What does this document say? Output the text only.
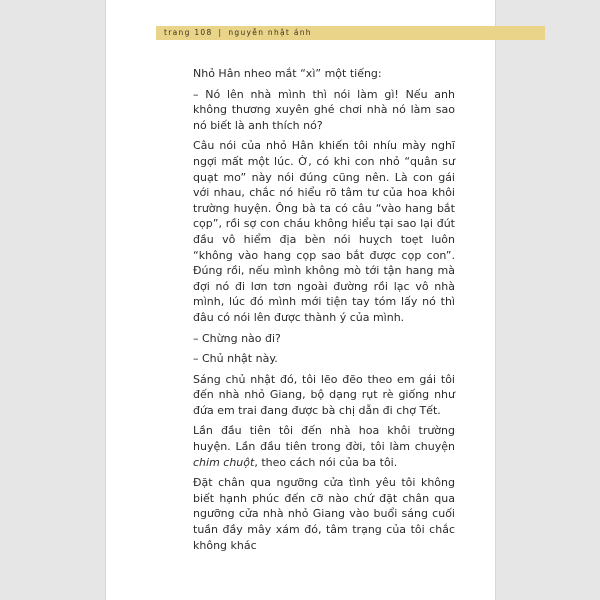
trang 108 | nguyễn nhật ánh

Nhỏ Hân nheo mắt “xì” một tiếng:

– Nó lên nhà mình thì nói làm gì! Nếu anh không thương xuyên ghé chơi nhà nó làm sao nó biết là anh thích nó?

Câu nói của nhỏ Hân khiến tôi nhíu mày nghĩ ngợi mất một lúc. Ờ, có khi con nhỏ “quân sư quạt mo” này nói đúng cũng nên. Là con gái với nhau, chắc nó hiểu rõ tâm tư của hoa khôi trường huyện. Ông bà ta có câu “vào hang bắt cọp”, rồi sợ con cháu không hiểu tại sao lại đút đầu vô hiểm địa bèn nói huỵch toẹt luôn “không vào hang cọp sao bắt được cọp con”. Đúng rồi, nếu mình không mò tới tận hang mà đợi nó đi lơn tơn ngoài đường rồi lạc vô nhà mình, lúc đó mình mới tiện tay tóm lấy nó thì đâu có nói lên được thành ý của mình.

– Chừng nào đi?

– Chủ nhật này.

Sáng chủ nhật đó, tôi lẽo đẽo theo em gái tôi đến nhà nhỏ Giang, bộ dạng rụt rè giống như đứa em trai đang được bà chị dẫn đi chợ Tết.

Lần đầu tiên tôi đến nhà hoa khôi trường huyện. Lần đầu tiên trong đời, tôi làm chuyện chim chuột, theo cách nói của ba tôi.

Đặt chân qua ngưỡng cửa tình yêu tôi không biết hạnh phúc đến cỡ nào chứ đặt chân qua ngưỡng cửa nhà nhỏ Giang vào buổi sáng cuối tuần đầy mây xám đó, tâm trạng của tôi chắc không khác
